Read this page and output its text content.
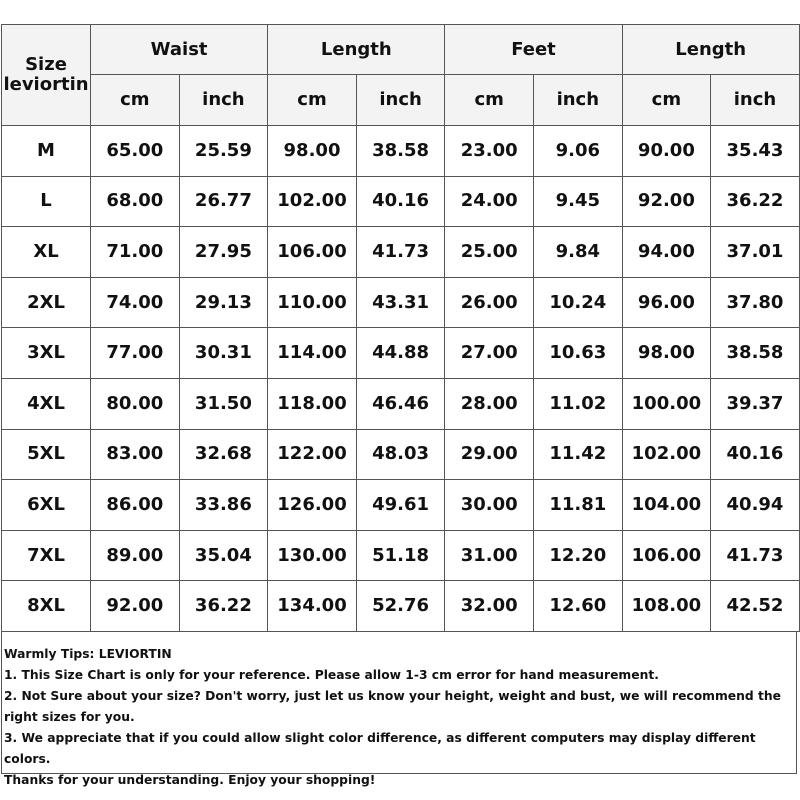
Size
leviortin	Waist		Length		Feet		Length	
	cm	inch	cm	inch	cm	inch	cm	inch
M	65.00	25.59	98.00	38.58	23.00	9.06	90.00	35.43
L	68.00	26.77	102.00	40.16	24.00	9.45	92.00	36.22
XL	71.00	27.95	106.00	41.73	25.00	9.84	94.00	37.01
2XL	74.00	29.13	110.00	43.31	26.00	10.24	96.00	37.80
3XL	77.00	30.31	114.00	44.88	27.00	10.63	98.00	38.58
4XL	80.00	31.50	118.00	46.46	28.00	11.02	100.00	39.37
5XL	83.00	32.68	122.00	48.03	29.00	11.42	102.00	40.16
6XL	86.00	33.86	126.00	49.61	30.00	11.81	104.00	40.94
7XL	89.00	35.04	130.00	51.18	31.00	12.20	106.00	41.73
8XL	92.00	36.22	134.00	52.76	32.00	12.60	108.00	42.52
Warmly Tips: LEVIORTIN
1. This Size Chart is only for your reference. Please allow 1-3 cm error for hand measurement.
2. Not Sure about your size? Don't worry, just let us know your height, weight and bust, we will recommend the right sizes for you.
3. We appreciate that if you could allow slight color difference, as different computers may display different colors.
Thanks for your understanding. Enjoy your shopping!
